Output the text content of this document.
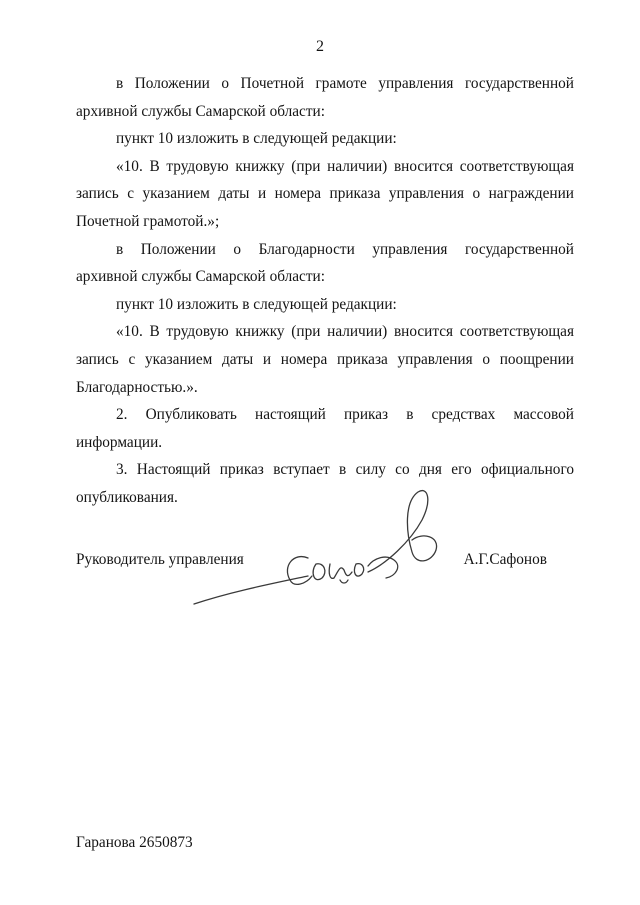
2

в Положении о Почетной грамоте управления государственной
архивной службы Самарской области:

пункт 10 изложить в следующей редакции:

«10. В трудовую книжку (при наличии) вносится соответствующая
запись с указанием даты и номера приказа управления о награждении
Почетной грамотой.»;

в Положении о Благодарности управления государственной
архивной службы Самарской области:

пункт 10 изложить в следующей редакции:

«10. В трудовую книжку (при наличии) вносится соответствующая
запись с указанием даты и номера приказа управления о поощрении
Благодарностью.».

2. Опубликовать настоящий приказ в средствах массовой
информации.

3. Настоящий приказ вступает в силу со дня его официального
опубликования.

Руководитель управления	А.Г.Сафонов
Гаранова 2650873
